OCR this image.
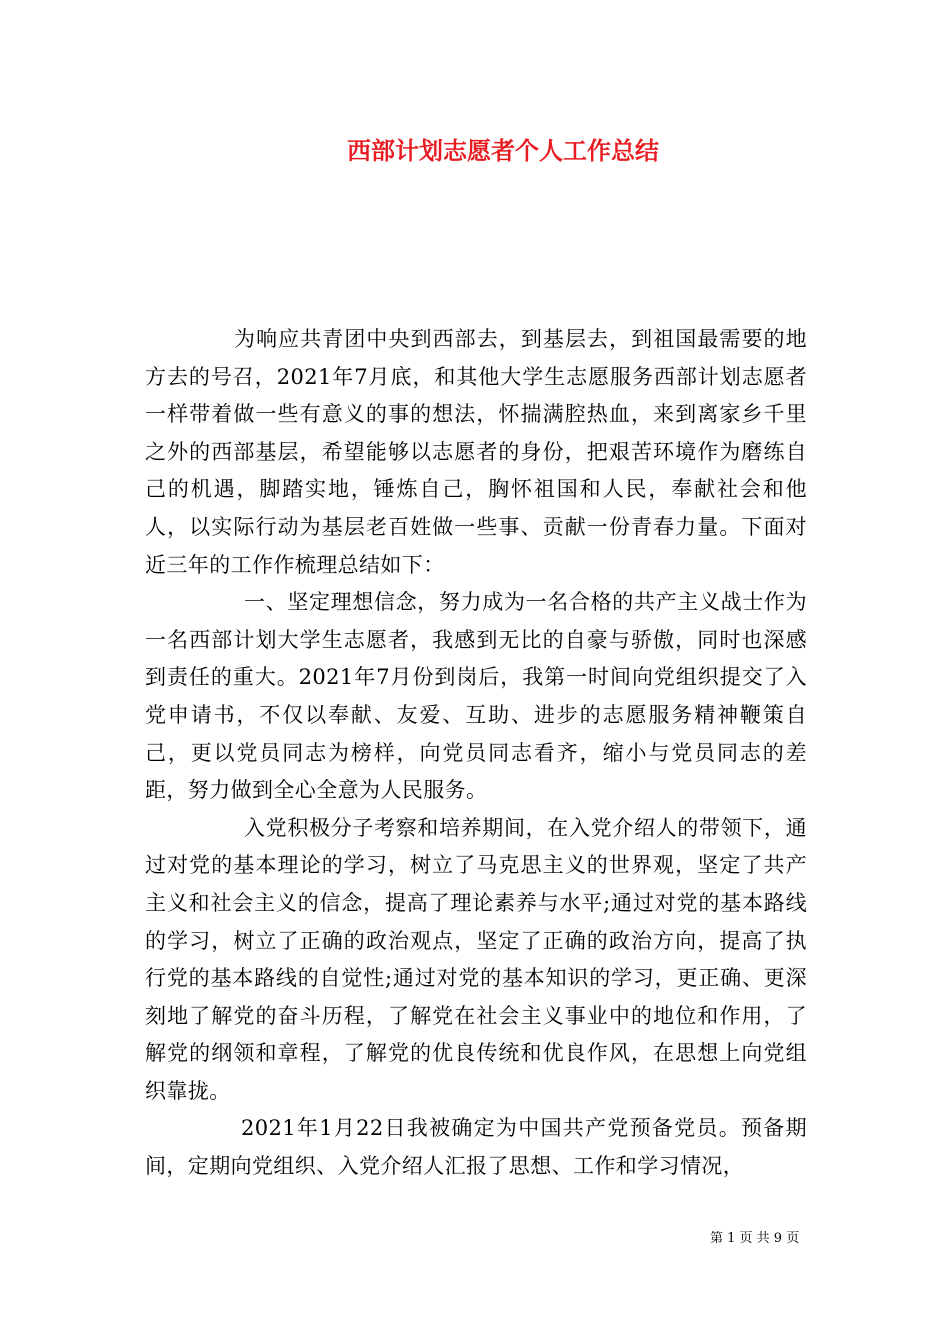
西部计划志愿者个人工作总结

为响应共青团中央到西部去，到基层去，到祖国最需要的地方去的号召，2021年7月底，和其他大学生志愿服务西部计划志愿者一样带着做一些有意义的事的想法，怀揣满腔热血，来到离家乡千里之外的西部基层，希望能够以志愿者的身份，把艰苦环境作为磨练自己的机遇，脚踏实地，锤炼自己，胸怀祖国和人民，奉献社会和他人，以实际行动为基层老百姓做一些事、贡献一份青春力量。下面对近三年的工作作梳理总结如下：

一、坚定理想信念，努力成为一名合格的共产主义战士作为一名西部计划大学生志愿者，我感到无比的自豪与骄傲，同时也深感到责任的重大。2021年7月份到岗后，我第一时间向党组织提交了入党申请书，不仅以奉献、友爱、互助、进步的志愿服务精神鞭策自己，更以党员同志为榜样，向党员同志看齐，缩小与党员同志的差距，努力做到全心全意为人民服务。

入党积极分子考察和培养期间，在入党介绍人的带领下，通过对党的基本理论的学习，树立了马克思主义的世界观，坚定了共产主义和社会主义的信念，提高了理论素养与水平;通过对党的基本路线的学习，树立了正确的政治观点，坚定了正确的政治方向，提高了执行党的基本路线的自觉性;通过对党的基本知识的学习，更正确、更深刻地了解党的奋斗历程，了解党在社会主义事业中的地位和作用，了解党的纲领和章程，了解党的优良传统和优良作风，在思想上向党组织靠拢。

2021年1月22日我被确定为中国共产党预备党员。预备期间，定期向党组织、入党介绍人汇报了思想、工作和学习情况，

第 1 页 共 9 页
